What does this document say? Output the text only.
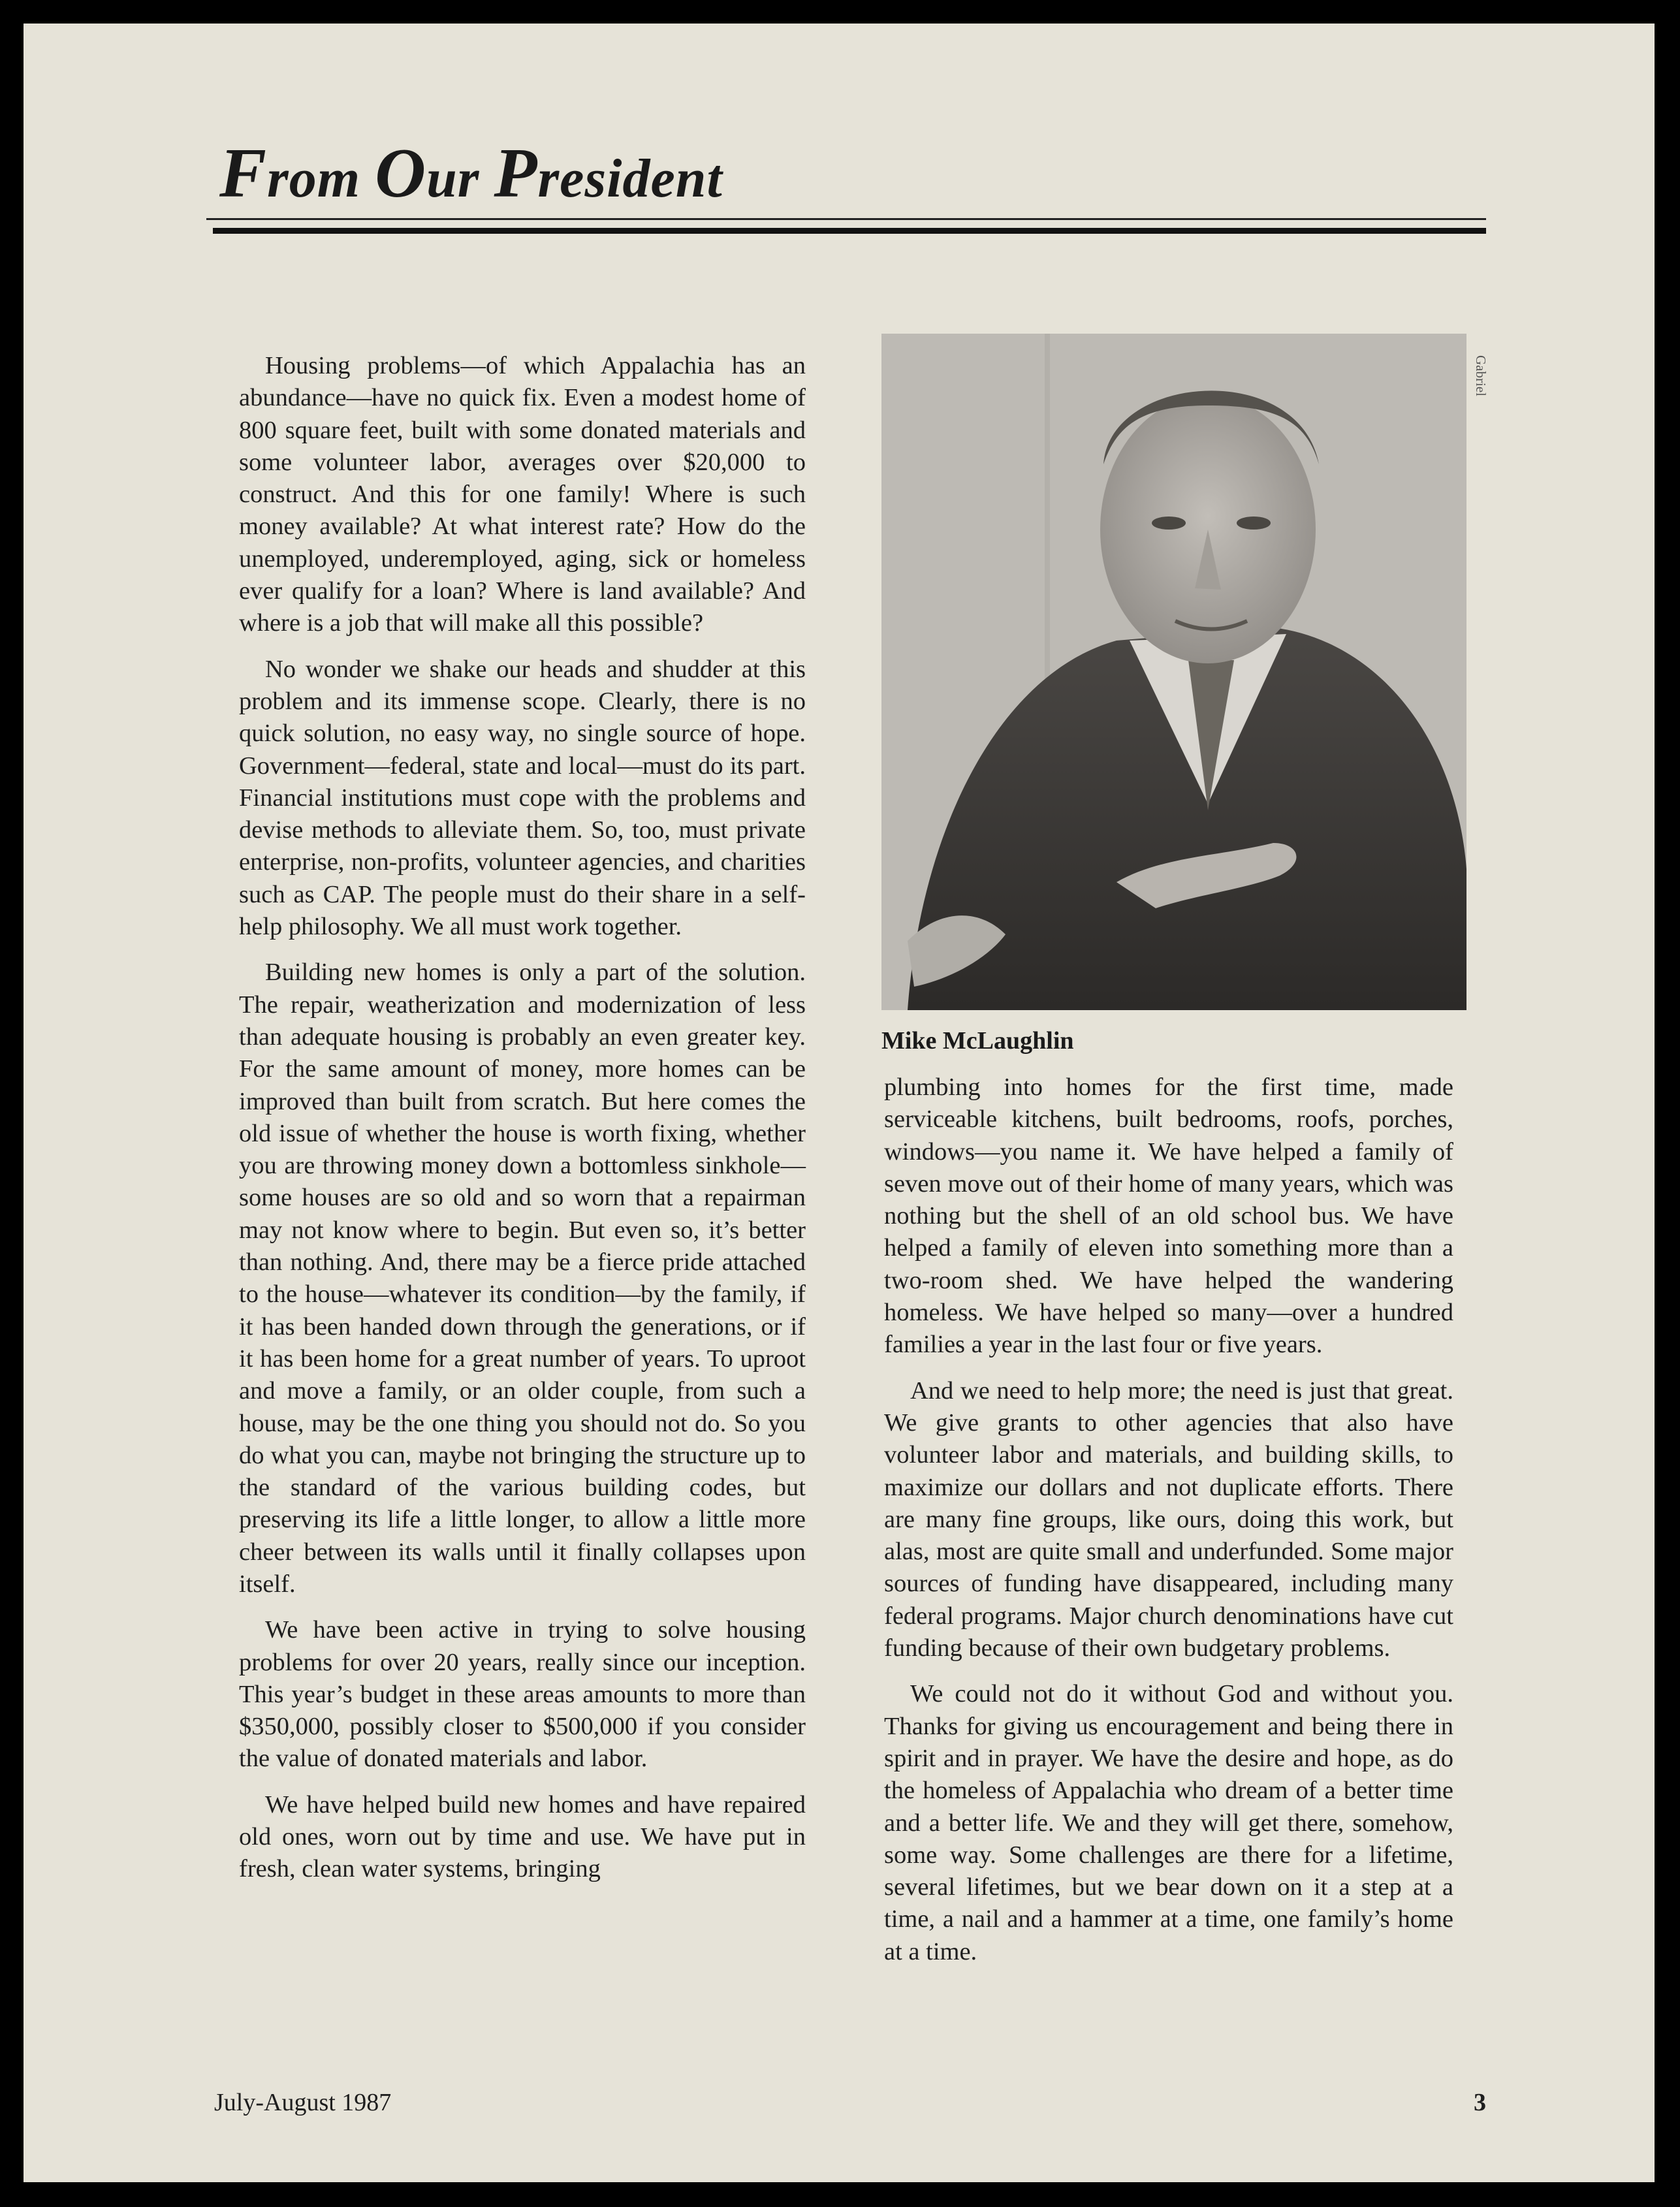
From Our President

Housing problems—of which Appalachia has an abundance—have no quick fix. Even a modest home of 800 square feet, built with some donated materials and some volunteer labor, averages over $20,000 to construct. And this for one family! Where is such money available? At what interest rate? How do the unemployed, underemployed, aging, sick or homeless ever qualify for a loan? Where is land available? And where is a job that will make all this possible?

No wonder we shake our heads and shudder at this problem and its immense scope. Clearly, there is no quick solution, no easy way, no single source of hope. Government—federal, state and local—must do its part. Financial institutions must cope with the problems and devise methods to alleviate them. So, too, must private enterprise, non-profits, volunteer agencies, and charities such as CAP. The people must do their share in a self-help philosophy. We all must work together.

Building new homes is only a part of the solution. The repair, weatherization and modernization of less than adequate housing is probably an even greater key. For the same amount of money, more homes can be improved than built from scratch. But here comes the old issue of whether the house is worth fixing, whether you are throwing money down a bottomless sinkhole—some houses are so old and so worn that a repairman may not know where to begin. But even so, it’s better than nothing. And, there may be a fierce pride attached to the house—whatever its condition—by the family, if it has been handed down through the generations, or if it has been home for a great number of years. To uproot and move a family, or an older couple, from such a house, may be the one thing you should not do. So you do what you can, maybe not bringing the structure up to the standard of the various building codes, but preserving its life a little longer, to allow a little more cheer between its walls until it finally collapses upon itself.

We have been active in trying to solve housing problems for over 20 years, really since our inception. This year’s budget in these areas amounts to more than $350,000, possibly closer to $500,000 if you consider the value of donated materials and labor.

We have helped build new homes and have repaired old ones, worn out by time and use. We have put in fresh, clean water systems, bringing

Gabriel
Mike McLaughlin

plumbing into homes for the first time, made serviceable kitchens, built bedrooms, roofs, porches, windows—you name it. We have helped a family of seven move out of their home of many years, which was nothing but the shell of an old school bus. We have helped a family of eleven into something more than a two-room shed. We have helped the wandering homeless. We have helped so many—over a hundred families a year in the last four or five years.

And we need to help more; the need is just that great. We give grants to other agencies that also have volunteer labor and materials, and building skills, to maximize our dollars and not duplicate efforts. There are many fine groups, like ours, doing this work, but alas, most are quite small and underfunded. Some major sources of funding have disappeared, including many federal programs. Major church denominations have cut funding because of their own budgetary problems.

We could not do it without God and without you. Thanks for giving us encouragement and being there in spirit and in prayer. We have the desire and hope, as do the homeless of Appalachia who dream of a better time and a better life. We and they will get there, somehow, some way. Some challenges are there for a lifetime, several lifetimes, but we bear down on it a step at a time, a nail and a hammer at a time, one family’s home at a time.

July-August 1987	3
